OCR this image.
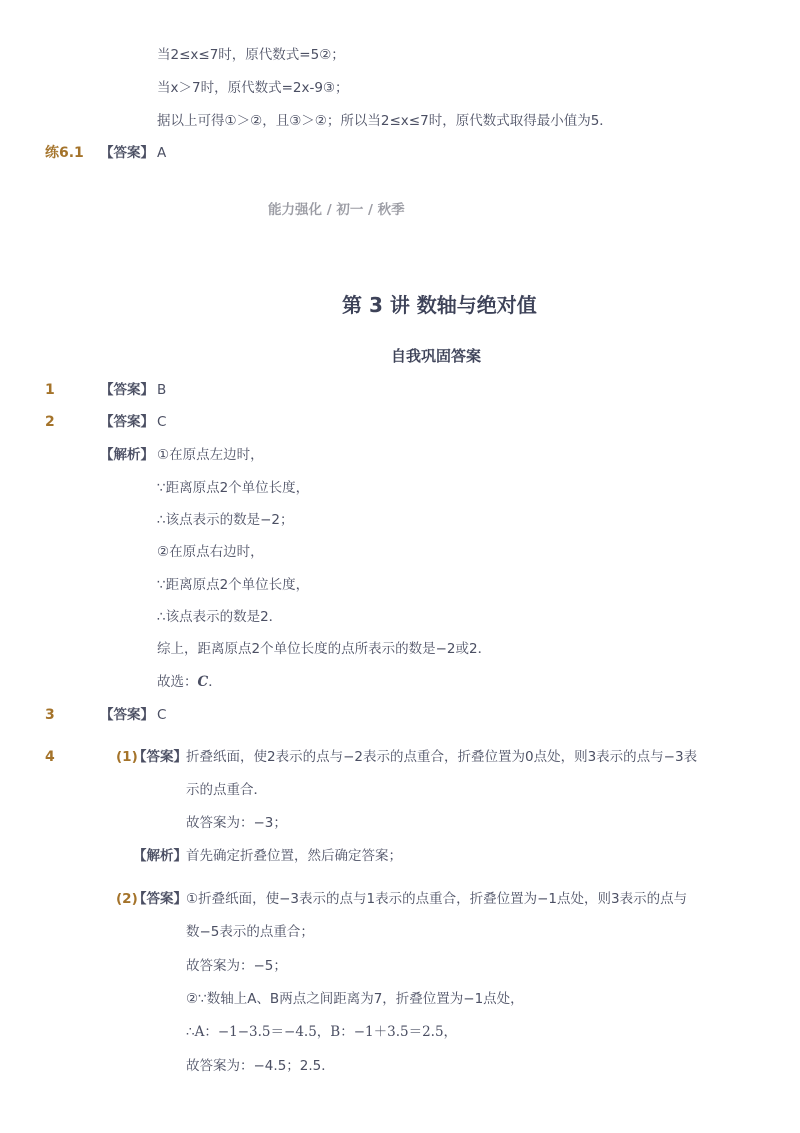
当2≤x≤7时，原代数式=5②；
当x＞7时，原代数式=2x-9③；
据以上可得①＞②，且③＞②；所以当2≤x≤7时，原代数式取得最小值为5．
练6.1 【答案】 A
能力强化 / 初一 / 秋季
第 3 讲 数轴与绝对值
自我巩固答案
1	【答案】 B
2	【答案】 C
【解析】 ①在原点左边时，
∵距离原点2个单位长度，
∴该点表示的数是−2；
②在原点右边时，
∵距离原点2个单位长度，
∴该点表示的数是2．
综上，距离原点2个单位长度的点所表示的数是−2或2．
故选：C．
3	【答案】 C
4	(1)
【答案】 折叠纸面，使2表示的点与−2表示的点重合，折叠位置为0点处，则3表示的点与−3表
示的点重合．
故答案为：−3；
【解析】 首先确定折叠位置，然后确定答案；
(2)
【答案】 ①折叠纸面，使−3表示的点与1表示的点重合，折叠位置为−1点处，则3表示的点与
数−5表示的点重合；
故答案为：−5；
②∵数轴上A、B两点之间距离为7，折叠位置为−1点处，
∴A：−1−3.5＝−4.5，B：−1＋3.5＝2.5，
故答案为：−4.5；2.5．
